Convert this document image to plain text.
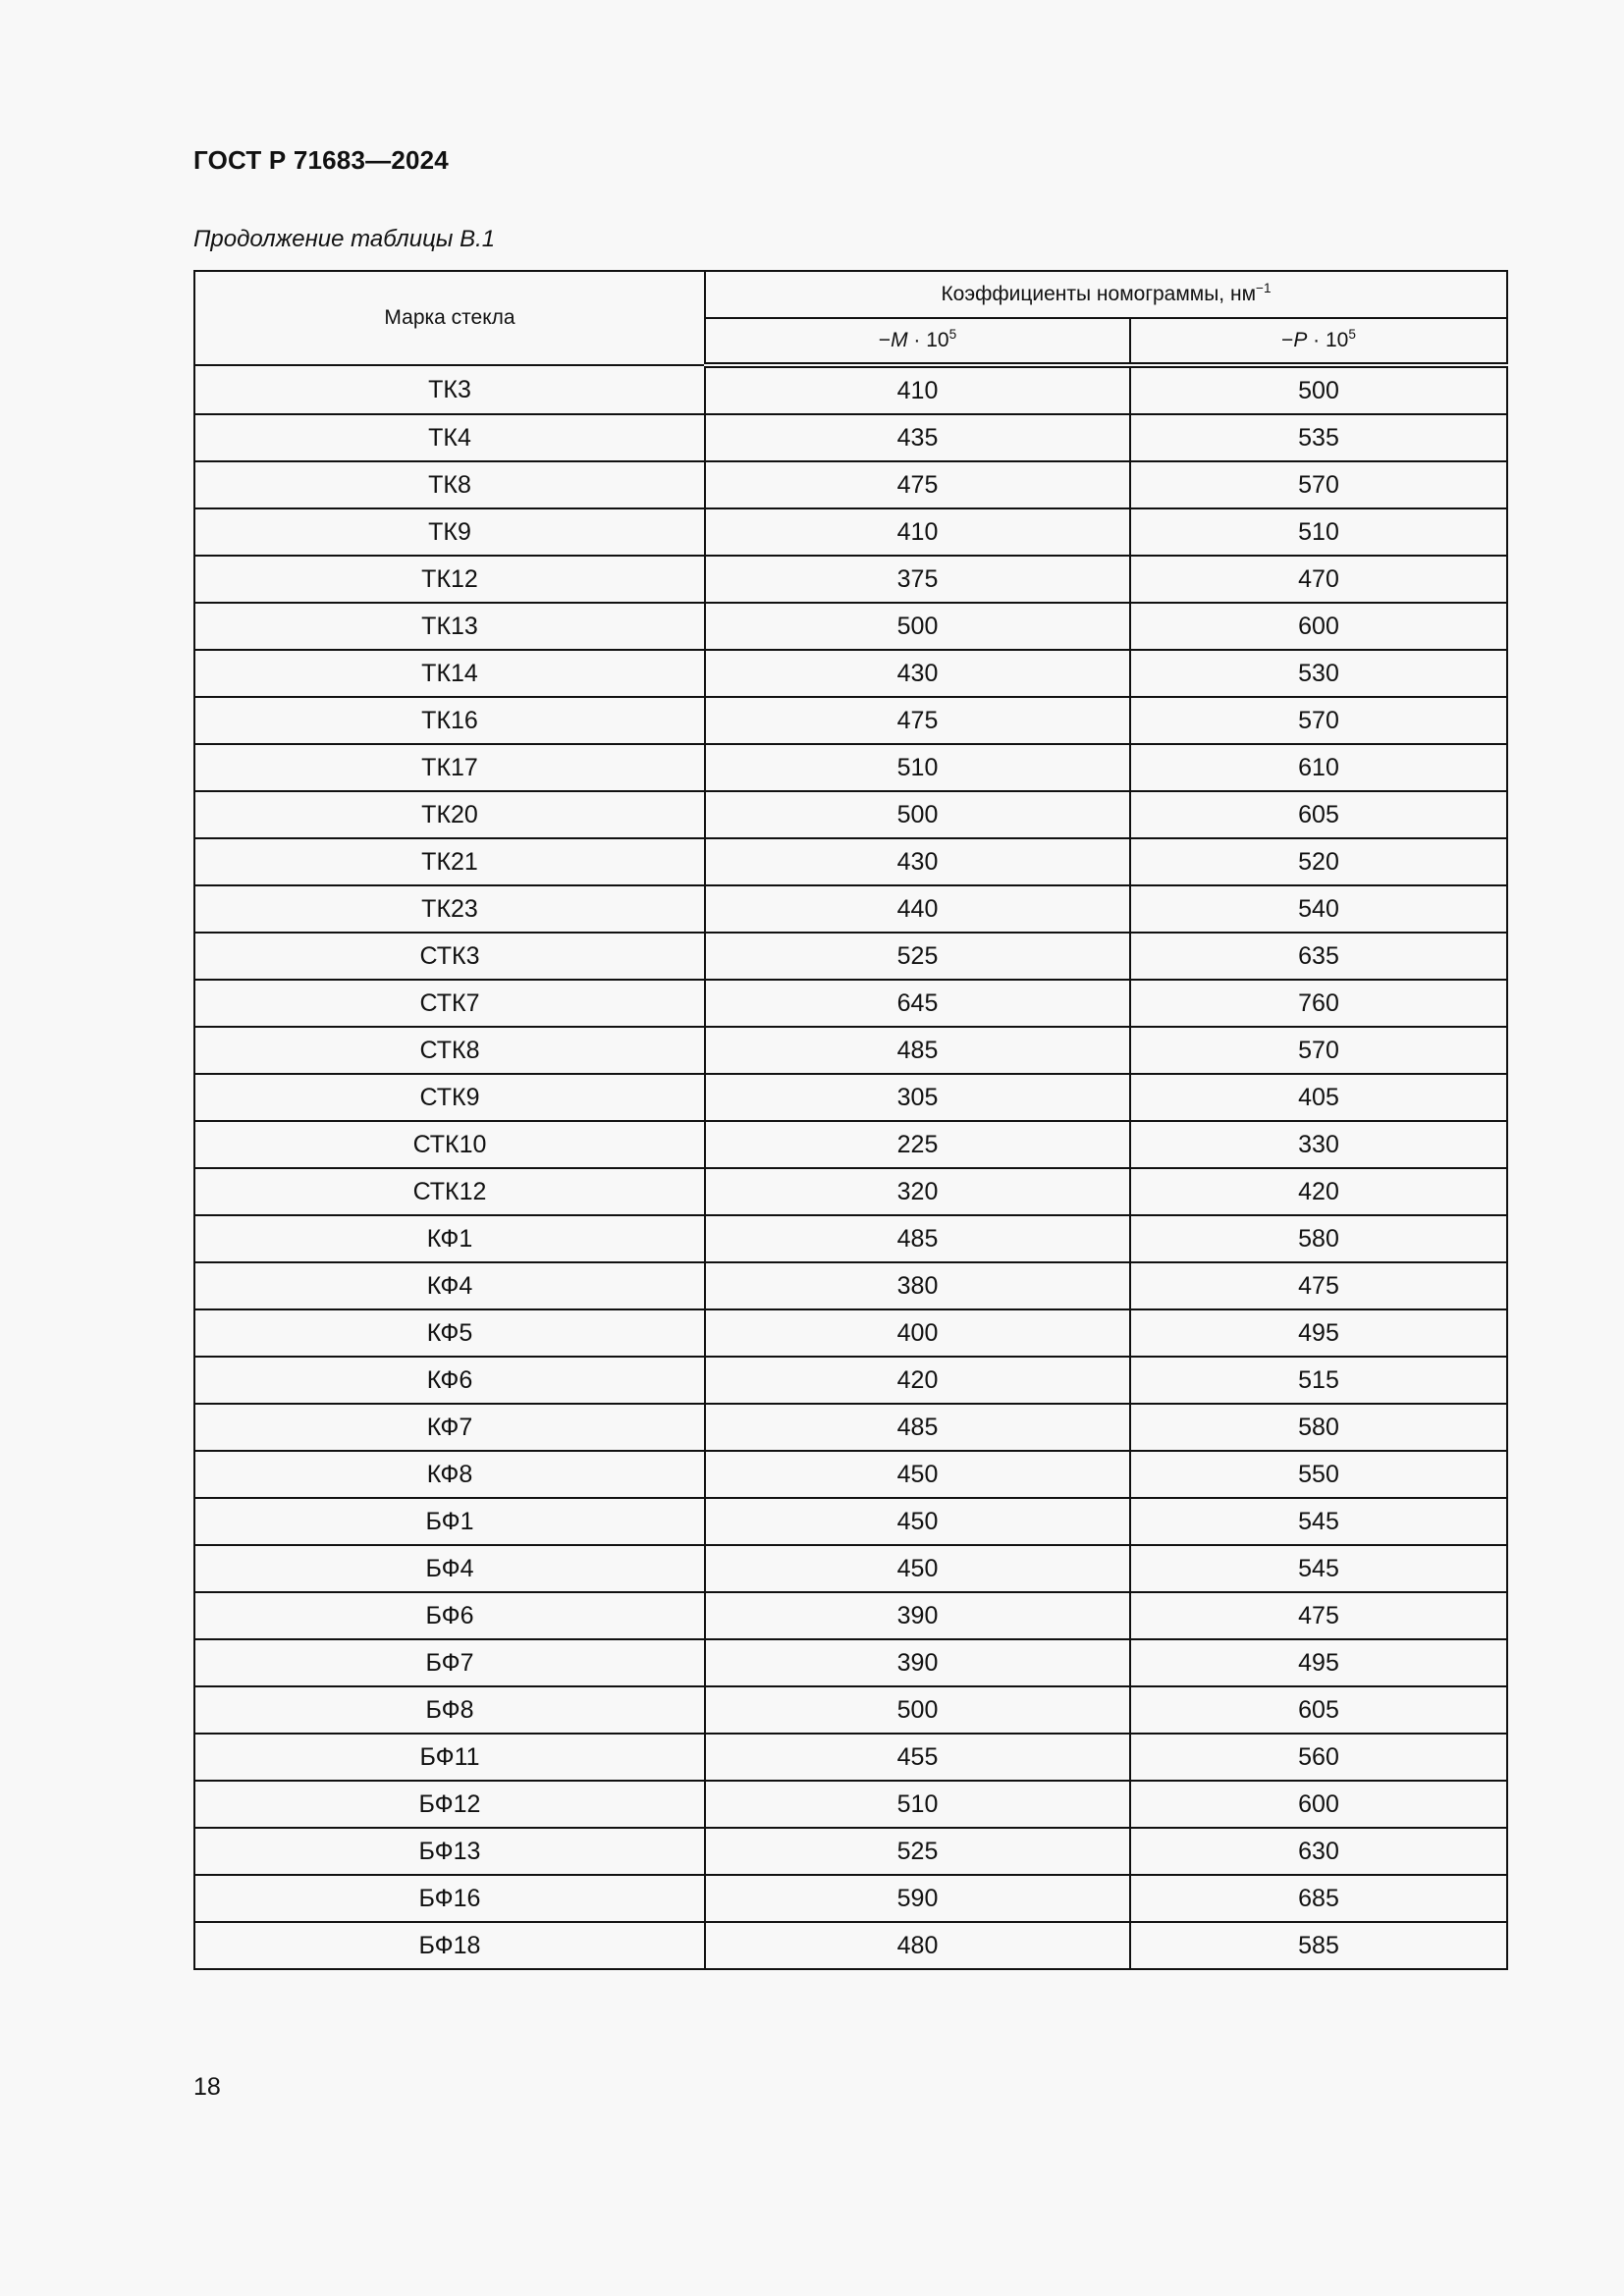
ГОСТ Р 71683—2024
Продолжение таблицы В.1
Марка стекла	Коэффициенты номограммы, $нм^{-1}$
	$-M \cdot 10^5$	$-P \cdot 10^5$
ТК3	410	500
ТК4	435	535
ТК8	475	570
ТК9	410	510
ТК12	375	470
ТК13	500	600
ТК14	430	530
ТК16	475	570
ТК17	510	610
ТК20	500	605
ТК21	430	520
ТК23	440	540
СТК3	525	635
СТК7	645	760
СТК8	485	570
СТК9	305	405
СТК10	225	330
СТК12	320	420
КФ1	485	580
КФ4	380	475
КФ5	400	495
КФ6	420	515
КФ7	485	580
КФ8	450	550
БФ1	450	545
БФ4	450	545
БФ6	390	475
БФ7	390	495
БФ8	500	605
БФ11	455	560
БФ12	510	600
БФ13	525	630
БФ16	590	685
БФ18	480	585
18
